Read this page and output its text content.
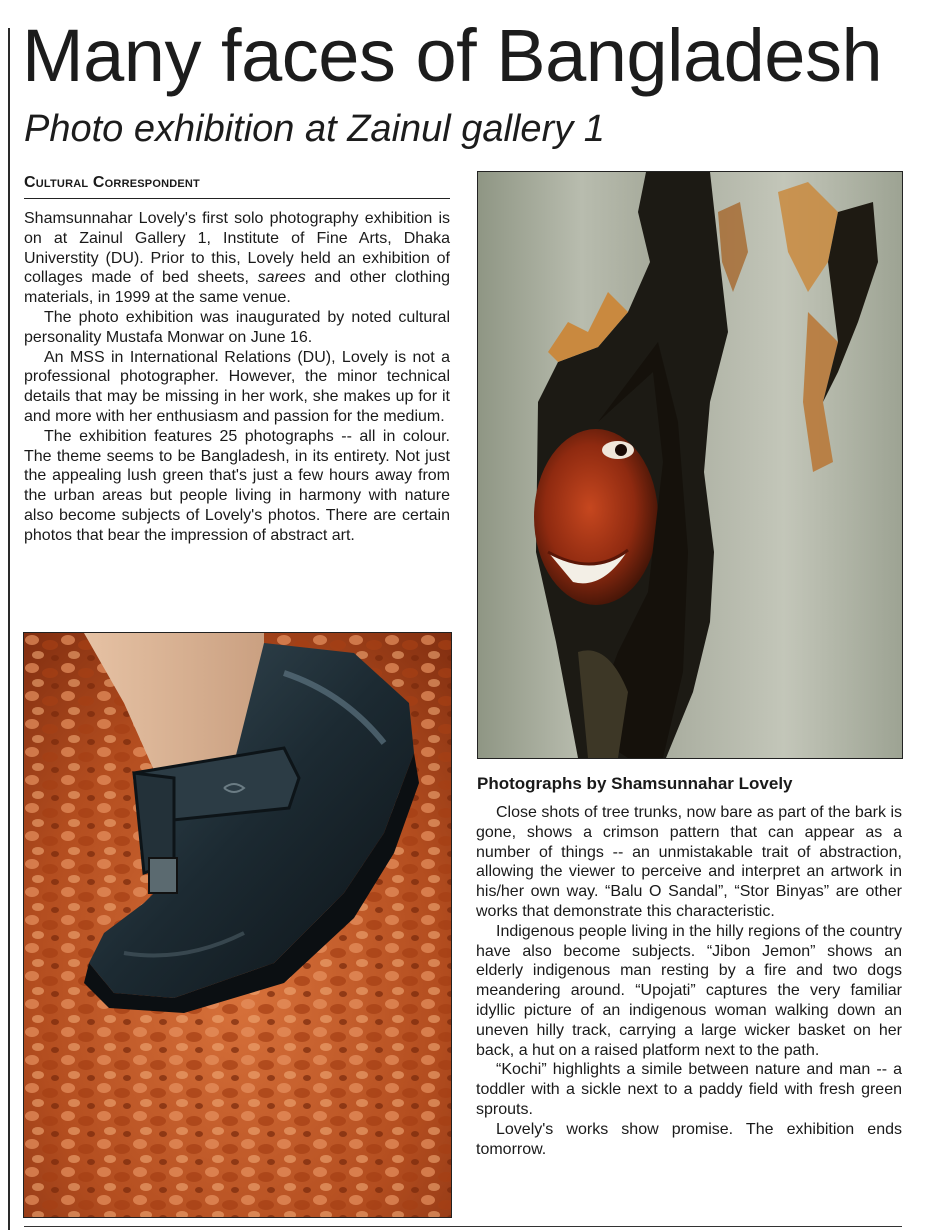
Many faces of Bangladesh
Photo exhibition at Zainul gallery 1
Cultural Correspondent

Shamsunnahar Lovely's first solo photography exhibition is on at Zainul Gallery 1, Institute of Fine Arts, Dhaka Universtity (DU). Prior to this, Lovely held an exhibition of collages made of bed sheets, sarees and other clothing materials, in 1999 at the same venue.

The photo exhibition was inaugurated by noted cultural personality Mustafa Monwar on June 16.

An MSS in International Relations (DU), Lovely is not a professional photographer. However, the minor technical details that may be missing in her work, she makes up for it and more with her enthusiasm and passion for the medium.

The exhibition features 25 photographs -- all in colour. The theme seems to be Bangladesh, in its entirety. Not just the appealing lush green that's just a few hours away from the urban areas but people living in harmony with nature also become subjects of Lovely's photos. There are certain photos that bear the impression of abstract art.

Photographs by Shamsunnahar Lovely

Close shots of tree trunks, now bare as part of the bark is gone, shows a crimson pattern that can appear as a number of things -- an unmistakable trait of abstraction, allowing the viewer to perceive and interpret an artwork in his/her own way. “Balu O Sandal”, “Stor Binyas” are other works that demonstrate this characteristic.

Indigenous people living in the hilly regions of the country have also become subjects. “Jibon Jemon” shows an elderly indigenous man resting by a fire and two dogs meandering around. “Upojati” captures the very familiar idyllic picture of an indigenous woman walking down an uneven hilly track, carrying a large wicker basket on her back, a hut on a raised platform next to the path.

“Kochi” highlights a simile between nature and man -- a toddler with a sickle next to a paddy field with fresh green sprouts.

Lovely's works show promise. The exhibition ends tomorrow.
